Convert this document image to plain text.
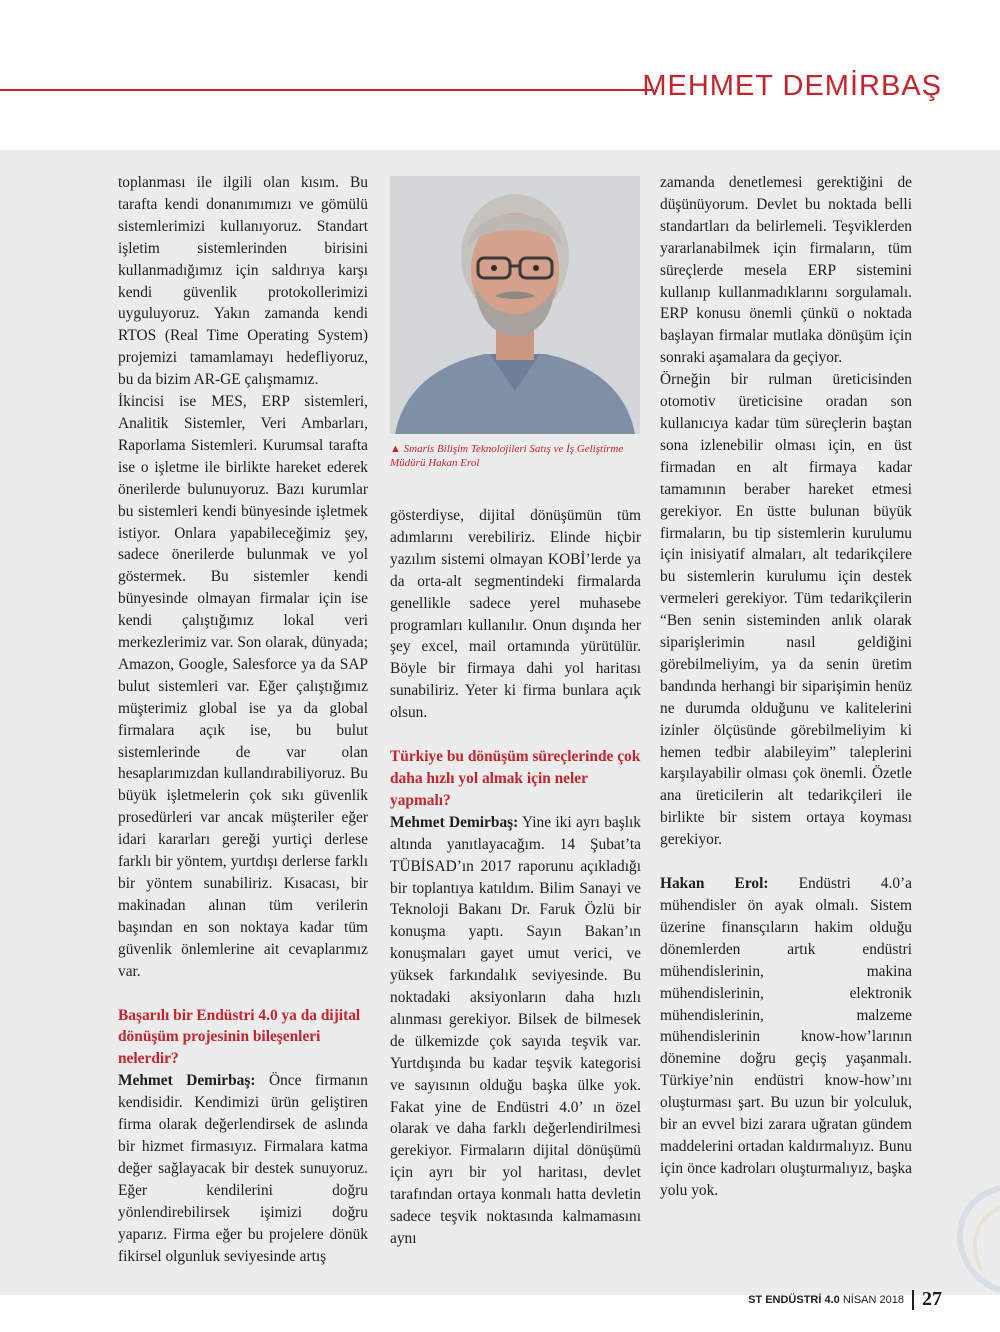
MEHMET DEMİRBAŞ

toplanması ile ilgili olan kısım. Bu tarafta kendi donanımımızı ve gömülü sistemlerimizi kullanıyoruz. Standart işletim sistemlerinden birisini kullanmadığımız için saldırıya karşı kendi güvenlik protokollerimizi uyguluyoruz. Yakın zamanda kendi RTOS (Real Time Operating System) projemizi tamamlamayı hedefliyoruz, bu da bizim AR-GE çalışmamız.

İkincisi ise MES, ERP sistemleri, Analitik Sistemler, Veri Ambarları, Raporlama Sistemleri. Kurumsal tarafta ise o işletme ile birlikte hareket ederek önerilerde bulunuyoruz. Bazı kurumlar bu sistemleri kendi bünyesinde işletmek istiyor. Onlara yapabileceğimiz şey, sadece önerilerde bulunmak ve yol göstermek. Bu sistemler kendi bünyesinde olmayan firmalar için ise kendi çalıştığımız lokal veri merkezlerimiz var. Son olarak, dünyada; Amazon, Google, Salesforce ya da SAP bulut sistemleri var. Eğer çalıştığımız müşterimiz global ise ya da global firmalara açık ise, bu bulut sistemlerinde de var olan hesaplarımızdan kullandırabiliyoruz. Bu büyük işletmelerin çok sıkı güvenlik prosedürleri var ancak müşteriler eğer idari kararları gereği yurtiçi derlese farklı bir yöntem, yurtdışı derlerse farklı bir yöntem sunabiliriz. Kısacası, bir makinadan alınan tüm verilerin başından en son noktaya kadar tüm güvenlik önlemlerine ait cevaplarımız var.

Başarılı bir Endüstri 4.0 ya da dijital dönüşüm projesinin bileşenleri nelerdir?

Mehmet Demirbaş: Önce firmanın kendisidir. Kendimizi ürün geliştiren firma olarak değerlendirsek de aslında bir hizmet firmasıyız. Firmalara katma değer sağlayacak bir destek sunuyoruz. Eğer kendilerini doğru yönlendirebilirsek işimizi doğru yaparız. Firma eğer bu projelere dönük fikirsel olgunluk seviyesinde artış

▲ Smaris Bilişim Teknolojileri Satış ve İş Geliştirme Müdürü Hakan Erol

gösterdiyse, dijital dönüşümün tüm adımlarını verebiliriz. Elinde hiçbir yazılım sistemi olmayan KOBİ’lerde ya da orta-alt segmentindeki firmalarda genellikle sadece yerel muhasebe programları kullanılır. Onun dışında her şey excel, mail ortamında yürütülür. Böyle bir firmaya dahi yol haritası sunabiliriz. Yeter ki firma bunlara açık olsun.

Türkiye bu dönüşüm süreçlerinde çok daha hızlı yol almak için neler yapmalı?

Mehmet Demirbaş: Yine iki ayrı başlık altında yanıtlayacağım. 14 Şubat’ta TÜBİSAD’ın 2017 raporunu açıkladığı bir toplantıya katıldım. Bilim Sanayi ve Teknoloji Bakanı Dr. Faruk Özlü bir konuşma yaptı. Sayın Bakan’ın konuşmaları gayet umut verici, ve yüksek farkındalık seviyesinde. Bu noktadaki aksiyonların daha hızlı alınması gerekiyor. Bilsek de bilmesek de ülkemizde çok sayıda teşvik var. Yurtdışında bu kadar teşvik kategorisi ve sayısının olduğu başka ülke yok. Fakat yine de Endüstri 4.0’ ın özel olarak ve daha farklı değerlendirilmesi gerekiyor. Firmaların dijital dönüşümü için ayrı bir yol haritası, devlet tarafından ortaya konmalı hatta devletin sadece teşvik noktasında kalmamasını aynı

zamanda denetlemesi gerektiğini de düşünüyorum. Devlet bu noktada belli standartları da belirlemeli. Teşviklerden yararlanabilmek için firmaların, tüm süreçlerde mesela ERP sistemini kullanıp kullanmadıklarını sorgulamalı. ERP konusu önemli çünkü o noktada başlayan firmalar mutlaka dönüşüm için sonraki aşamalara da geçiyor.

Örneğin bir rulman üreticisinden otomotiv üreticisine oradan son kullanıcıya kadar tüm süreçlerin baştan sona izlenebilir olması için, en üst firmadan en alt firmaya kadar tamamının beraber hareket etmesi gerekiyor. En üstte bulunan büyük firmaların, bu tip sistemlerin kurulumu için inisiyatif almaları, alt tedarikçilere bu sistemlerin kurulumu için destek vermeleri gerekiyor. Tüm tedarikçilerin “Ben senin sisteminden anlık olarak siparişlerimin nasıl geldiğini görebilmeliyim, ya da senin üretim bandında herhangi bir siparişimin henüz ne durumda olduğunu ve kalitelerini izinler ölçüsünde görebilmeliyim ki hemen tedbir alabileyim” taleplerini karşılayabilir olması çok önemli. Özetle ana üreticilerin alt tedarikçileri ile birlikte bir sistem ortaya koyması gerekiyor.

Hakan Erol: Endüstri 4.0’a mühendisler ön ayak olmalı. Sistem üzerine finansçıların hakim olduğu dönemlerden artık endüstri mühendislerinin, makina mühendislerinin, elektronik mühendislerinin, malzeme mühendislerinin know-how’larının dönemine doğru geçiş yaşanmalı. Türkiye’nin endüstri know-how’ını oluşturması şart. Bu uzun bir yolculuk, bir an evvel bizi zarara uğratan gündem maddelerini ortadan kaldırmalıyız. Bunu için önce kadroları oluşturmalıyız, başka yolu yok.

ST ENDÜSTRİ 4.0
NİSAN 2018 27
